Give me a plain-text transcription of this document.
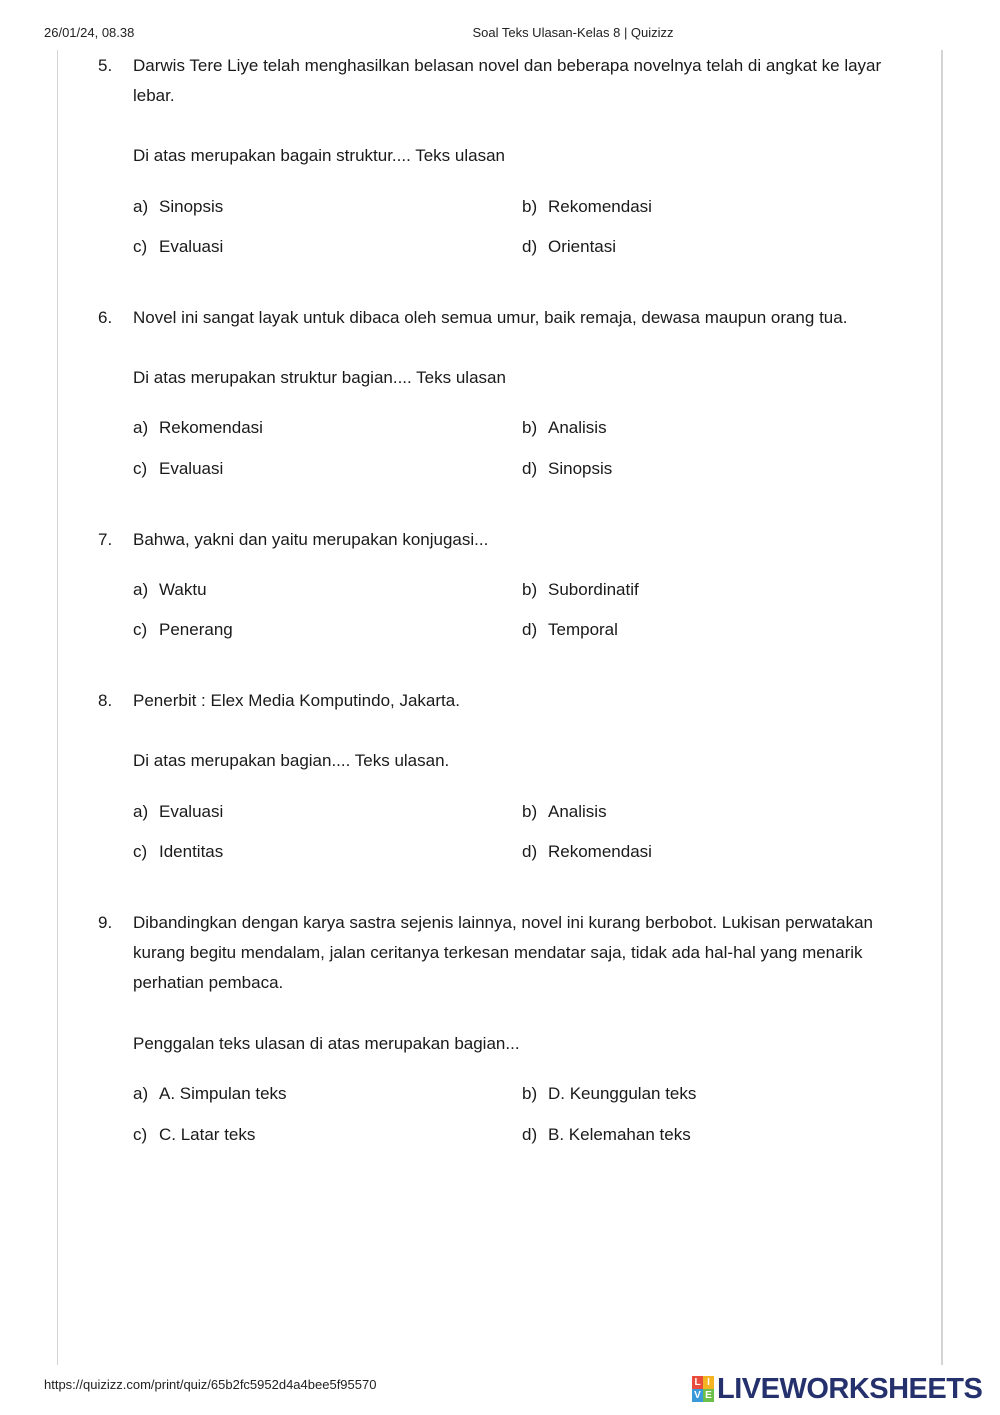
26/01/24, 08.38	Soal Teks Ulasan-Kelas 8 | Quizizz
5. Darwis Tere Liye telah menghasilkan belasan novel dan beberapa novelnya telah di angkat ke layar lebar.
Di atas merupakan bagain struktur.... Teks ulasan
a) Sinopsis	b) Rekomendasi
c) Evaluasi	d) Orientasi
6. Novel ini sangat layak untuk dibaca oleh semua umur, baik remaja, dewasa maupun orang tua.
Di atas merupakan struktur bagian.... Teks ulasan
a) Rekomendasi	b) Analisis
c) Evaluasi	d) Sinopsis
7. Bahwa, yakni dan yaitu merupakan konjugasi...
a) Waktu	b) Subordinatif
c) Penerang	d) Temporal
8. Penerbit : Elex Media Komputindo, Jakarta.
Di atas merupakan bagian.... Teks ulasan.
a) Evaluasi	b) Analisis
c) Identitas	d) Rekomendasi
9. Dibandingkan dengan karya sastra sejenis lainnya, novel ini kurang berbobot. Lukisan perwatakan kurang begitu mendalam, jalan ceritanya terkesan mendatar saja, tidak ada hal-hal yang menarik perhatian pembaca.
Penggalan teks ulasan di atas merupakan bagian...
a) A. Simpulan teks	b) D. Keunggulan teks
c) C. Latar teks	d) B. Kelemahan teks
https://quizizz.com/print/quiz/65b2fc5952d4a4bee5f95570	L I
V E LIVEWORKSHEETS
